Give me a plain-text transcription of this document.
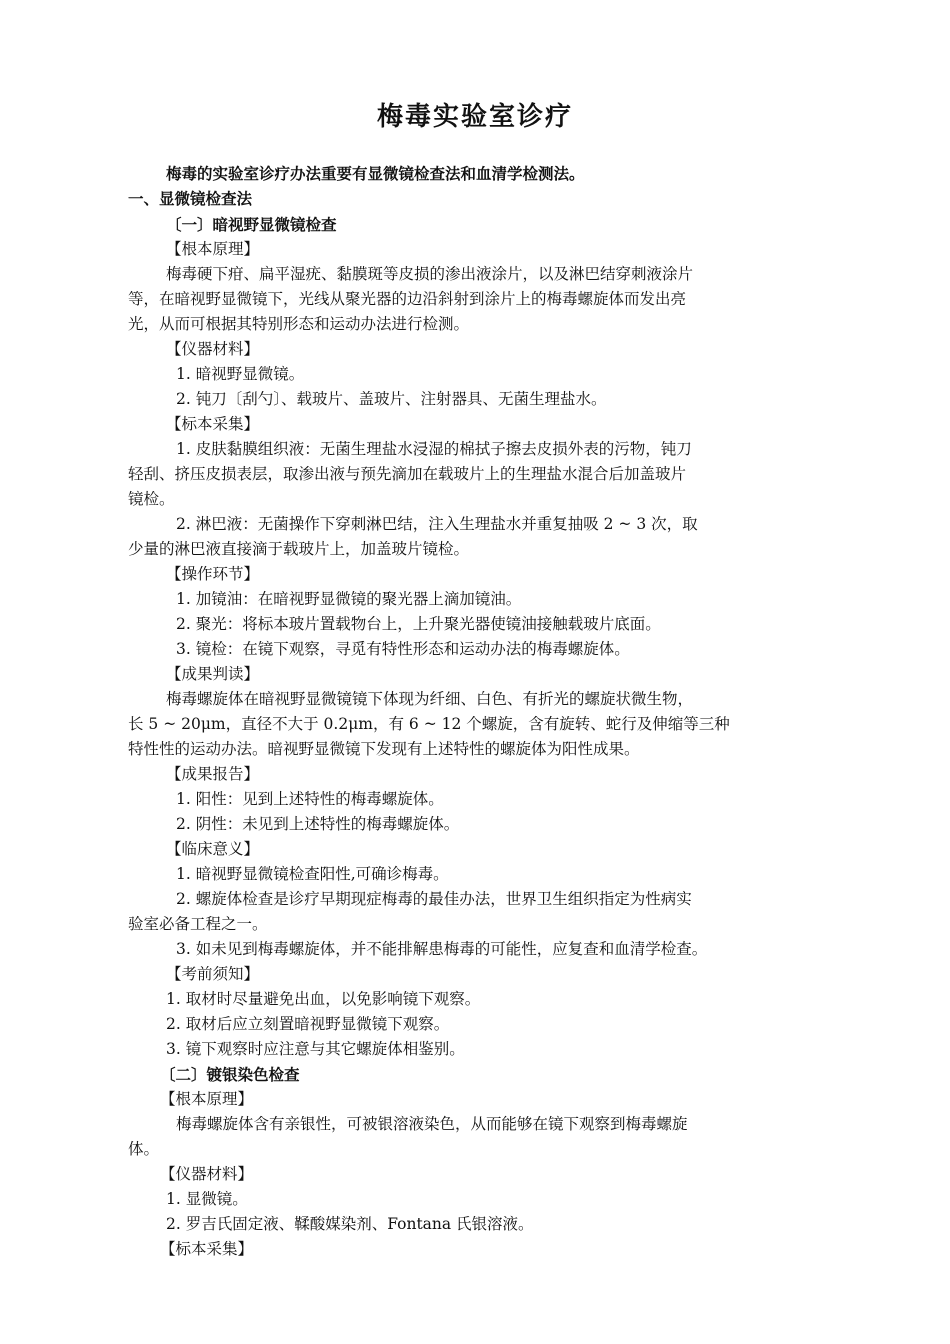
梅毒实验室诊疗
梅毒的实验室诊疗办法重要有显微镜检查法和血清学检测法。
一、显微镜检查法
〔一〕暗视野显微镜检查
【根本原理】
梅毒硬下疳、扁平湿疣、黏膜斑等皮损的渗出液涂片，以及淋巴结穿刺液涂片
等，在暗视野显微镜下，光线从聚光器的边沿斜射到涂片上的梅毒螺旋体而发出亮
光，从而可根据其特别形态和运动办法进行检测。
【仪器材料】
1. 暗视野显微镜。
2. 钝刀〔刮勺〕、载玻片、盖玻片、注射器具、无菌生理盐水。
【标本采集】
1. 皮肤黏膜组织液：无菌生理盐水浸湿的棉拭子擦去皮损外表的污物，钝刀
轻刮、挤压皮损表层，取渗出液与预先滴加在载玻片上的生理盐水混合后加盖玻片
镜检。
2. 淋巴液：无菌操作下穿刺淋巴结，注入生理盐水并重复抽吸 2 ~ 3 次，取
少量的淋巴液直接滴于载玻片上，加盖玻片镜检。
【操作环节】
1. 加镜油：在暗视野显微镜的聚光器上滴加镜油。
2. 聚光：将标本玻片置载物台上，上升聚光器使镜油接触载玻片底面。
3. 镜检：在镜下观察，寻觅有特性形态和运动办法的梅毒螺旋体。
【成果判读】
梅毒螺旋体在暗视野显微镜镜下体现为纤细、白色、有折光的螺旋状微生物，
长 5 ~ 20μm，直径不大于 0.2μm，有 6 ~ 12 个螺旋，含有旋转、蛇行及伸缩等三种
特性性的运动办法。暗视野显微镜下发现有上述特性的螺旋体为阳性成果。
【成果报告】
1. 阳性：见到上述特性的梅毒螺旋体。
2. 阴性：未见到上述特性的梅毒螺旋体。
【临床意义】
1. 暗视野显微镜检查阳性,可确诊梅毒。
2. 螺旋体检查是诊疗早期现症梅毒的最佳办法，世界卫生组织指定为性病实
验室必备工程之一。
3. 如未见到梅毒螺旋体，并不能排解患梅毒的可能性，应复查和血清学检查。
【考前须知】
1. 取材时尽量避免出血，以免影响镜下观察。
2. 取材后应立刻置暗视野显微镜下观察。
3. 镜下观察时应注意与其它螺旋体相鉴别。
〔二〕镀银染色检查
【根本原理】
梅毒螺旋体含有亲银性，可被银溶液染色，从而能够在镜下观察到梅毒螺旋
体。
【仪器材料】
1. 显微镜。
2. 罗吉氏固定液、鞣酸媒染剂、Fontana 氏银溶液。
【标本采集】
